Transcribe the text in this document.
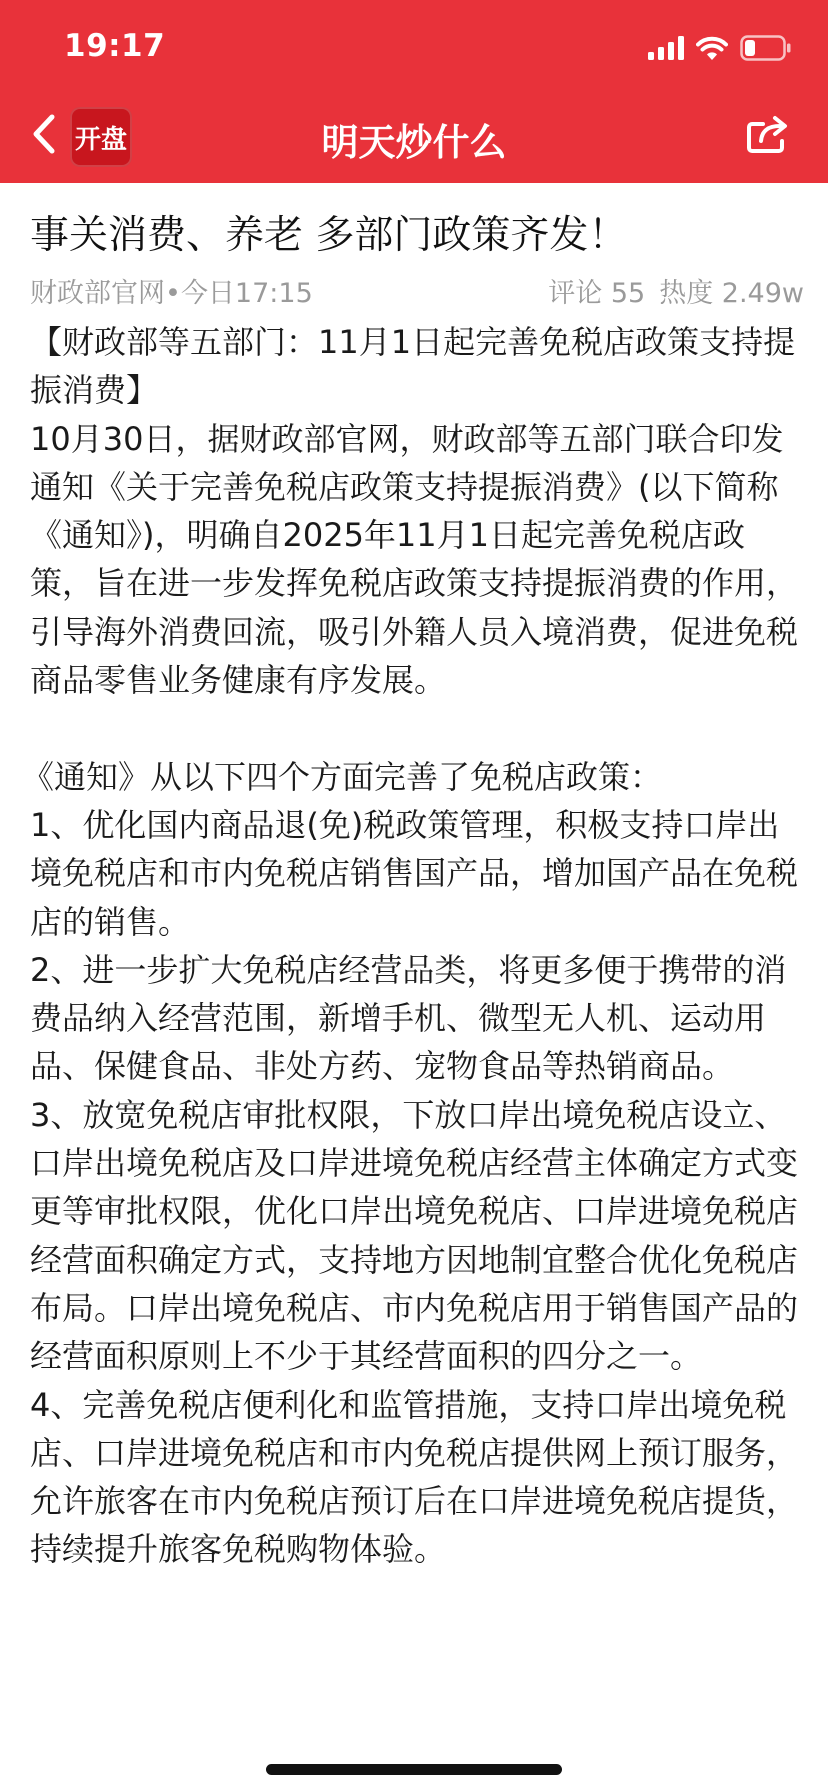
19:17
开盘	明天炒什么
事关消费、养老 多部门政策齐发！
财政部官网•今日17:15	评论 55 热度 2.49w

【财政部等五部门：11月1日起完善免税店政策支持提振消费】

10月30日，据财政部官网，财政部等五部门联合印发通知《关于完善免税店政策支持提振消费》(以下简称《通知》)，明确自2025年11月1日起完善免税店政策，旨在进一步发挥免税店政策支持提振消费的作用，引导海外消费回流，吸引外籍人员入境消费，促进免税商品零售业务健康有序发展。

《通知》从以下四个方面完善了免税店政策：

1、优化国内商品退(免)税政策管理，积极支持口岸出境免税店和市内免税店销售国产品，增加国产品在免税店的销售。

2、进一步扩大免税店经营品类，将更多便于携带的消费品纳入经营范围，新增手机、微型无人机、运动用品、保健食品、非处方药、宠物食品等热销商品。

3、放宽免税店审批权限，下放口岸出境免税店设立、口岸出境免税店及口岸进境免税店经营主体确定方式变更等审批权限，优化口岸出境免税店、口岸进境免税店经营面积确定方式，支持地方因地制宜整合优化免税店布局。口岸出境免税店、市内免税店用于销售国产品的经营面积原则上不少于其经营面积的四分之一。

4、完善免税店便利化和监管措施，支持口岸出境免税店、口岸进境免税店和市内免税店提供网上预订服务，允许旅客在市内免税店预订后在口岸进境免税店提货，持续提升旅客免税购物体验。
